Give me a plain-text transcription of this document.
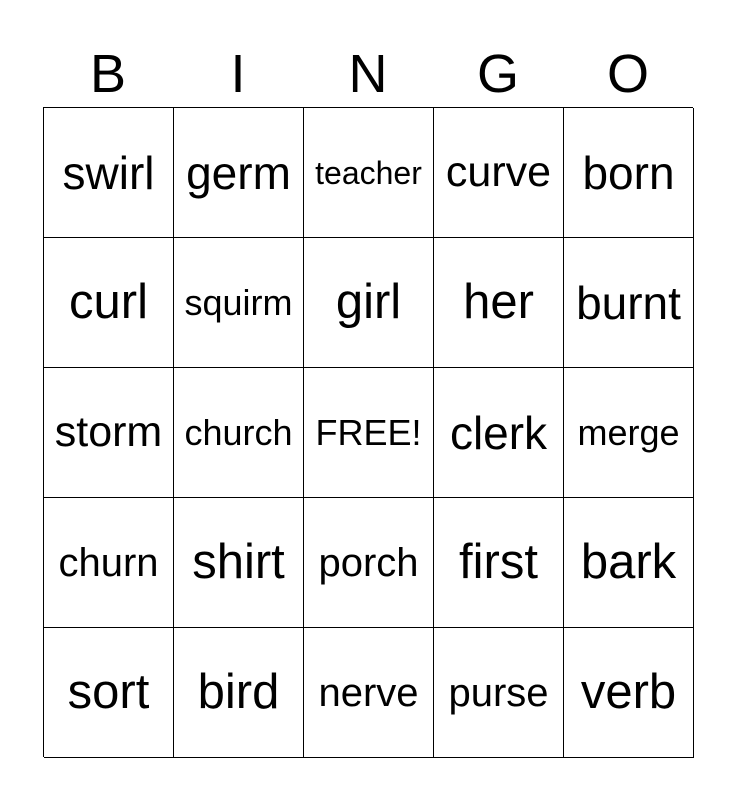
B	I	N	G	O
swirl germ teacher curve born
curl	squirm girl	her burnt
storm church FREE! clerk merge
churn shirt porch first bark
sort bird nerve purse verb
